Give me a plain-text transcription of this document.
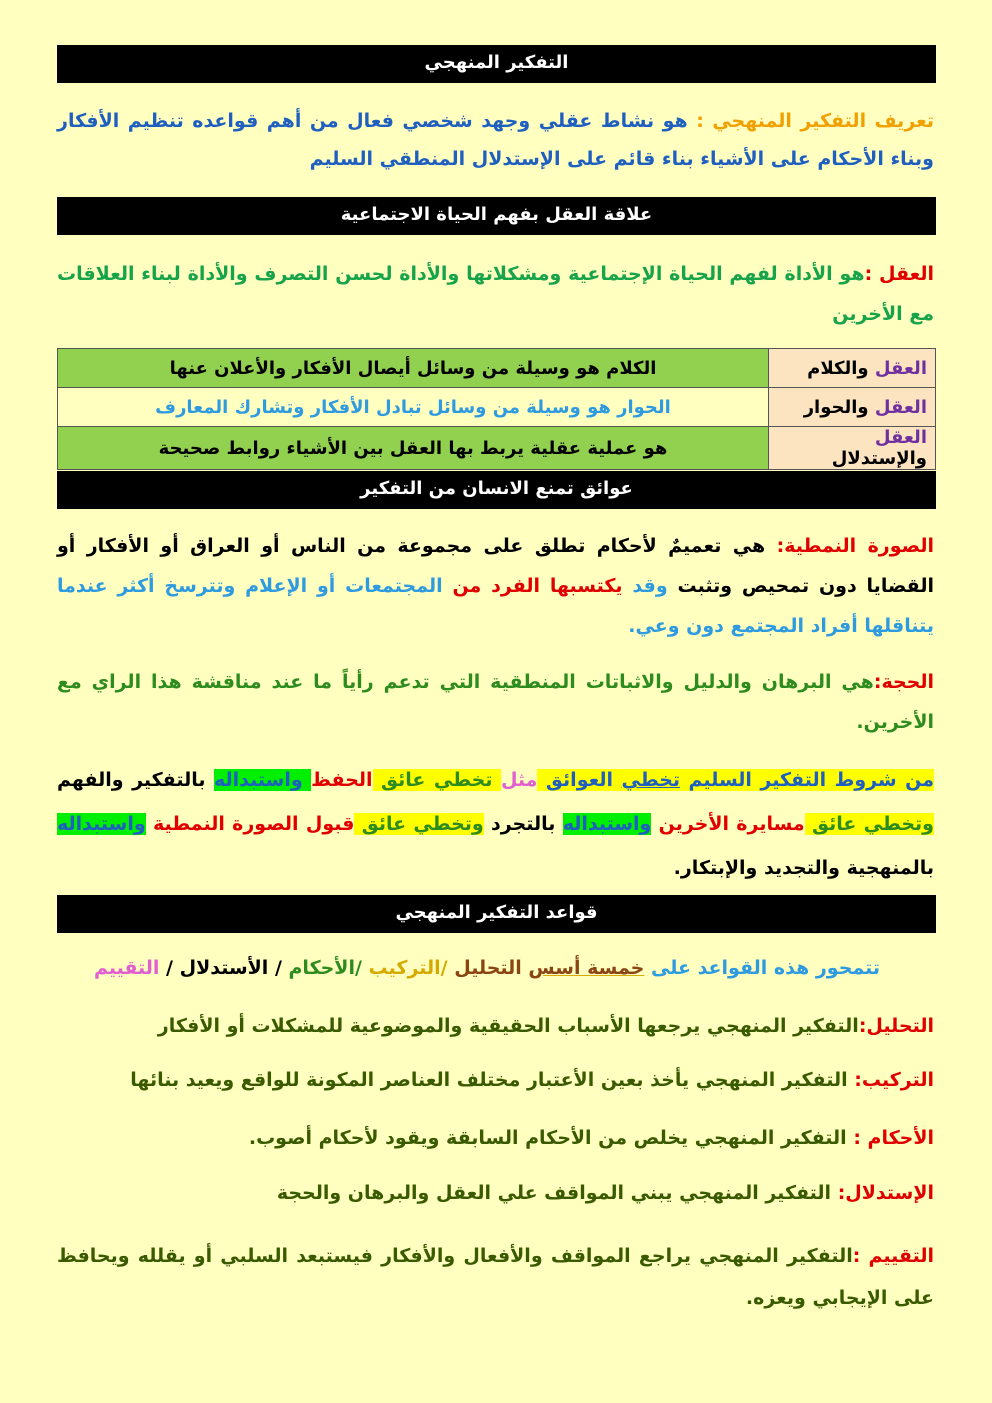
التفكير المنهجي
تعريف التفكير المنهجي : هو نشاط عقلي وجهد شخصي فعال من أهم قواعده تنظيم الأفكار وبناء الأحكام على الأشياء بناء قائم على الإستدلال المنطقي السليم
علاقة العقل بفهم الحياة الاجتماعية
العقل :هو الأداة لفهم الحياة الإجتماعية ومشكلاتها والأداة لحسن التصرف والأداة لبناء العلاقات مع الأخرين
العقل والكلام	الكلام هو وسيلة من وسائل أيصال الأفكار والأعلان عنها
العقل والحوار	الحوار هو وسيلة من وسائل تبادل الأفكار وتشارك المعارف
العقل والإستدلال	هو عملية عقلية يربط بها العقل بين الأشياء روابط صحيحة
عوائق تمنع الانسان من التفكير
الصورة النمطية: هي تعميمٌ لأحكام تطلق على مجموعة من الناس أو العراق أو الأفكار أو القضايا دون تمحيص وتثبت وقد يكتسبها الفرد من المجتمعات أو الإعلام وتترسخ أكثر عندما يتناقلها أفراد المجتمع دون وعي.
الحجة:هي البرهان والدليل والاثباتات المنطقية التي تدعم رأياً ما عند مناقشة هذا الراي مع الأخرين.
من شروط التفكير السليم تخطي العوائق مثل تخطي عائق الحفظ واستبداله بالتفكير والفهم وتخطي عائق مسايرة الأخرين واستبداله بالتجرد وتخطي عائق قبول الصورة النمطية واستبداله بالمنهجية والتجديد والإبتكار.
قواعد التفكير المنهجي
تتمحور هذه القواعد على خمسة أسس التحليل /التركيب /الأحكام / الأستدلال / التقييم
التحليل:التفكير المنهجي يرجعها الأسباب الحقيقية والموضوعية للمشكلات أو الأفكار
التركيب: التفكير المنهجي يأخذ بعين الأعتبار مختلف العناصر المكونة للواقع ويعيد بنائها
الأحكام : التفكير المنهجي يخلص من الأحكام السابقة ويقود لأحكام أصوب.
الإستدلال: التفكير المنهجي يبني المواقف علي العقل والبرهان والحجة
التقييم :التفكير المنهجي يراجع المواقف والأفعال والأفكار فيستبعد السلبي أو يقلله ويحافظ على الإيجابي ويعزه.
